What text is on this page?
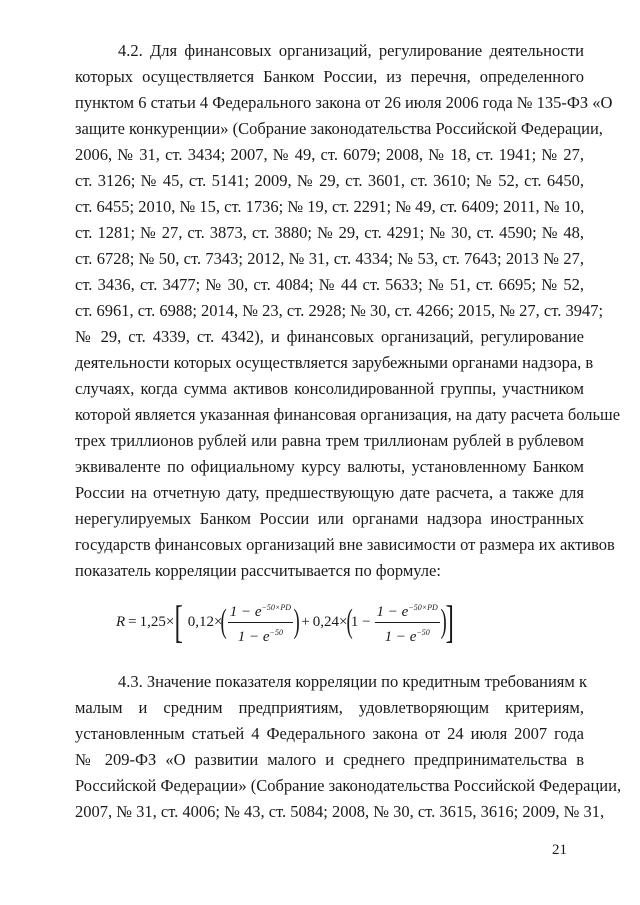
4.2. Для финансовых организаций, регулирование деятельности
которых осуществляется Банком России, из перечня, определенного
пунктом 6 статьи 4 Федерального закона от 26 июля 2006 года № 135-ФЗ «О
защите конкуренции» (Собрание законодательства Российской Федерации,
2006, № 31, ст. 3434; 2007, № 49, ст. 6079; 2008, № 18, ст. 1941; № 27,
ст. 3126; № 45, ст. 5141; 2009, № 29, ст. 3601, ст. 3610; № 52, ст. 6450,
ст. 6455; 2010, № 15, ст. 1736; № 19, ст. 2291; № 49, ст. 6409; 2011, № 10,
ст. 1281; № 27, ст. 3873, ст. 3880; № 29, ст. 4291; № 30, ст. 4590; № 48,
ст. 6728; № 50, ст. 7343; 2012, № 31, ст. 4334; № 53, ст. 7643; 2013 № 27,
ст. 3436, ст. 3477; № 30, ст. 4084; № 44 ст. 5633; № 51, ст. 6695; № 52,
ст. 6961, ст. 6988; 2014, № 23, ст. 2928; № 30, ст. 4266; 2015, № 27, ст. 3947;
№ 29, ст. 4339, ст. 4342), и финансовых организаций, регулирование
деятельности которых осуществляется зарубежными органами надзора, в
случаях, когда сумма активов консолидированной группы, участником
которой является указанная финансовая организация, на дату расчета больше
трех триллионов рублей или равна трем триллионам рублей в рублевом
эквиваленте по официальному курсу валюты, установленному Банком
России на отчетную дату, предшествующую дате расчета, а также для
нерегулируемых Банком России или органами надзора иностранных
государств финансовых организаций вне зависимости от размера их активов
показатель корреляции рассчитывается по формуле:
R = 1,25× [ 0,12×
( $\frac{1 - e^{-50\times PD}}{1 - e^{-50}}$ ) + 0,24×
(
$1 - \frac{1 - e^{-50\times PD}}{1 - e^{-50}}$ )
]
4.3. Значение показателя корреляции по кредитным требованиям к
малым и средним предприятиям, удовлетворяющим критериям,
установленным статьей 4 Федерального закона от 24 июля 2007 года
№ 209-ФЗ «О развитии малого и среднего предпринимательства в
Российской Федерации» (Собрание законодательства Российской Федерации,
2007, № 31, ст. 4006; № 43, ст. 5084; 2008, № 30, ст. 3615, 3616; 2009, № 31,
21
